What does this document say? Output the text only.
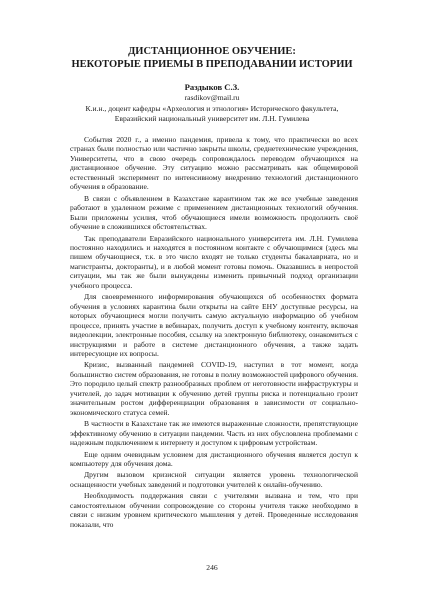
ДИСТАНЦИОННОЕ ОБУЧЕНИЕ:
НЕКОТОРЫЕ ПРИЕМЫ В ПРЕПОДАВАНИИ ИСТОРИИ

Раздыков С.З.

rasdikov@mail.ru

К.и.н., доцент кафедры «Археология и этнология» Исторического факультета,

Евразийский национальный университет им. Л.Н. Гумилева

События 2020 г., а именно пандемия, привела к тому, что практически во всех странах были полностью или частично закрыты школы, среднетехнические учреждения, Университеты, что в свою очередь сопровождалось переводом обучающихся на дистанционное обучение. Эту ситуацию можно рассматривать как общемировой естественный эксперимент по интенсивному внедрению технологий дистанционного обучения в образование.

В связи с объявлением в Казахстане карантином так же все учебные заведения работают в удаленном режиме с применением дистанционных технологий обучения. Были приложены усилия, чтоб обучающиеся имели возможность продолжить своё обучение в сложившихся обстоятельствах.

Так преподаватели Евразийского национального университета им. Л.Н. Гумилева постоянно находились и находятся в постоянном контакте с обучающимися (здесь мы пишем обучающиеся, т.к. в это число входят не только студенты бакалавриата, но и магистранты, докторанты), и в любой момент готовы помочь. Оказавшись в непростой ситуации, мы так же были вынуждены изменить привычный подход организации учебного процесса.

Для своевременного информирования обучающихся об особенностях формата обучения в условиях карантина были открыты на сайте ЕНУ доступные ресурсы, на которых обучающиеся могли получить самую актуальную информацию об учебном процессе, принять участие в вебинарах, получить доступ к учебному контенту, включая видеолекции, электронные пособия, ссылку на электронную библиотеку, ознакомиться с инструкциями и работе в системе дистанционного обучения, а также задать интересующие их вопросы.

Кризис, вызванный пандемией COVID-19, наступил в тот момент, когда большинство систем образования, не готовы в полну возможностей цифрового обучения. Это породило целый спектр разнообразных проблем от неготовности инфраструктуры и учителей, до задач мотивации к обучению детей группы риска и потенциально грозит значительным ростом дифференциации образования в зависимости от социально-экономического статуса семей.

В частности в Казахстане так же имеются выраженные сложности, препятствующие эффективному обучению в ситуации пандемии. Часть из них обусловлена проблемами с надежным подключением к интернету и доступом к цифровым устройствам.

Еще одним очевидным условием для дистанционного обучения является доступ к компьютеру для обучения дома.

Другим вызовом кризисной ситуации является уровень технологической оснащенности учебных заведений и подготовки учителей к онлайн-обучению.

Необходимость поддержания связи с учителями вызвана и тем, что при самостоятельном обучении сопровождение со стороны учителя также необходимо в связи с низким уровнем критического мышления у детей. Проведенные исследования показали, что

246
